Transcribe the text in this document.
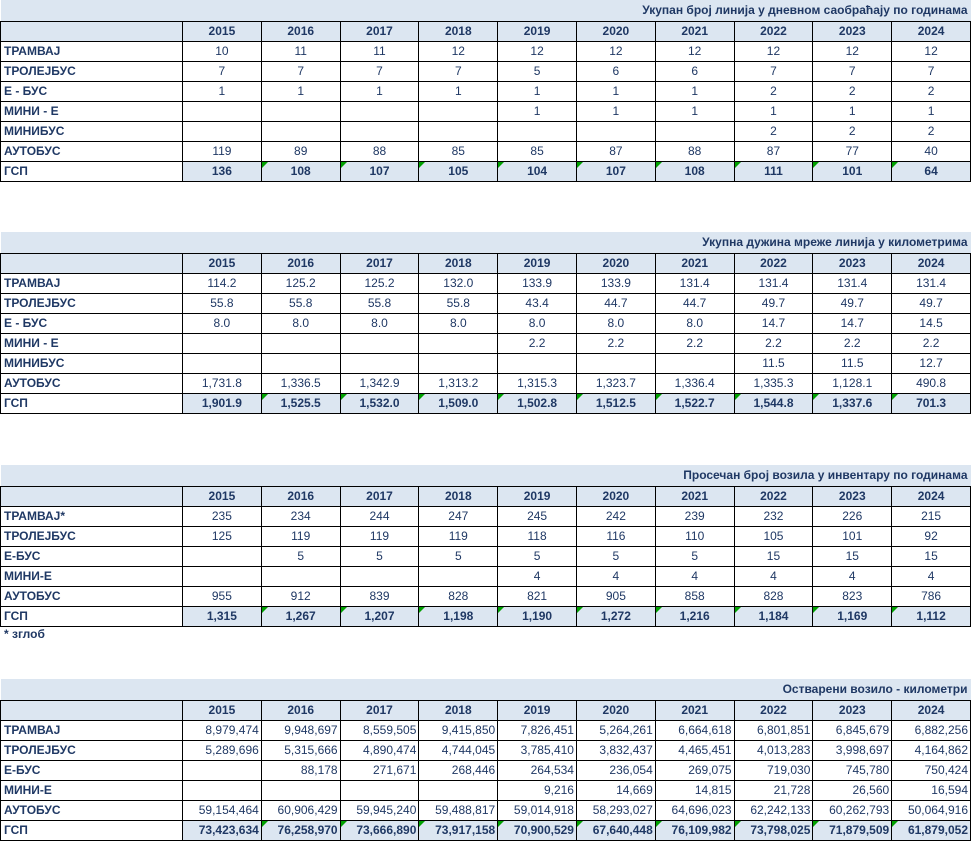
Укупан број линија у дневном саобраћају по годинама										
	2015	2016	2017	2018	2019	2020	2021	2022	2023	2024
ТРАМВАЈ	10	11	11	12	12	12	12	12	12	12
ТРОЛЕЈБУС	7	7	7	7	5	6	6	7	7	7
Е - БУС	1	1	1	1	1	1	1	2	2	2
МИНИ - Е					1	1	1	1	1	1
МИНИБУС								2	2	2
АУТОБУС	119	89	88	85	85	87	88	87	77	40
ГСП	136	108	107	105	104	107	108	111	101	64
Укупна дужина мреже линија у километрима										
	2015	2016	2017	2018	2019	2020	2021	2022	2023	2024
ТРАМВАЈ	114.2	125.2	125.2	132.0	133.9	133.9	131.4	131.4	131.4	131.4
ТРОЛЕЈБУС	55.8	55.8	55.8	55.8	43.4	44.7	44.7	49.7	49.7	49.7
Е - БУС	8.0	8.0	8.0	8.0	8.0	8.0	8.0	14.7	14.7	14.5
МИНИ - Е					2.2	2.2	2.2	2.2	2.2	2.2
МИНИБУС								11.5	11.5	12.7
АУТОБУС	1,731.8	1,336.5	1,342.9	1,313.2	1,315.3	1,323.7	1,336.4	1,335.3	1,128.1	490.8
ГСП	1,901.9	1,525.5	1,532.0	1,509.0	1,502.8	1,512.5	1,522.7	1,544.8	1,337.6	701.3
Просечан број возила у инвентару по годинама										
	2015	2016	2017	2018	2019	2020	2021	2022	2023	2024
ТРАМВАЈ*	235	234	244	247	245	242	239	232	226	215
ТРОЛЕЈБУС	125	119	119	119	118	116	110	105	101	92
Е-БУС		5	5	5	5	5	5	15	15	15
МИНИ-Е					4	4	4	4	4	4
АУТОБУС	955	912	839	828	821	905	858	828	823	786
ГСП	1,315	1,267	1,207	1,198	1,190	1,272	1,216	1,184	1,169	1,112
* зглоб
Остварени возило - километри										
	2015	2016	2017	2018	2019	2020	2021	2022	2023	2024
ТРАМВАЈ	8,979,474	9,948,697	8,559,505	9,415,850	7,826,451	5,264,261	6,664,618	6,801,851	6,845,679	6,882,256
ТРОЛЕЈБУС	5,289,696	5,315,666	4,890,474	4,744,045	3,785,410	3,832,437	4,465,451	4,013,283	3,998,697	4,164,862
Е-БУС		88,178	271,671	268,446	264,534	236,054	269,075	719,030	745,780	750,424
МИНИ-Е					9,216	14,669	14,815	21,728	26,560	16,594
АУТОБУС	59,154,464	60,906,429	59,945,240	59,488,817	59,014,918	58,293,027	64,696,023	62,242,133	60,262,793	50,064,916
ГСП	73,423,634	76,258,970	73,666,890	73,917,158	70,900,529	67,640,448	76,109,982	73,798,025	71,879,509	61,879,052
